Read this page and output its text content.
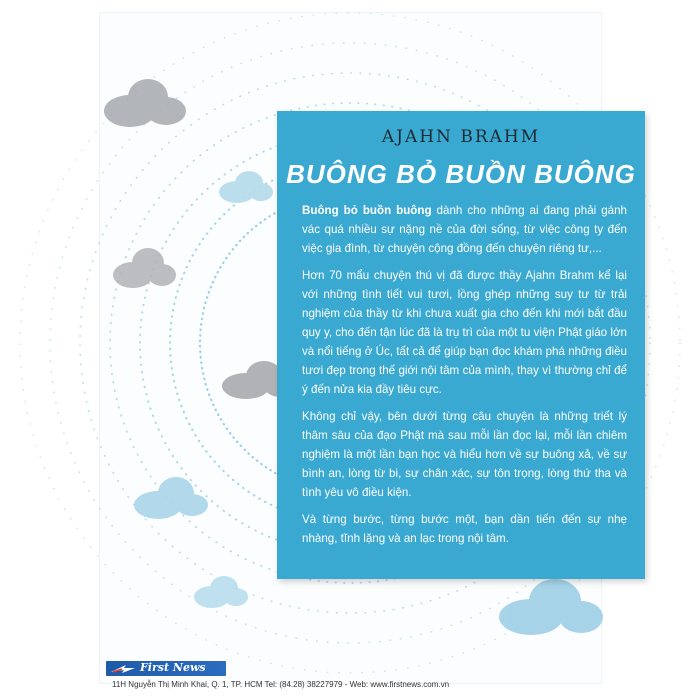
AJAHN BRAHM
BUÔNG BỎ BUỒN BUÔNG

Buông bỏ buồn buông dành cho những ai đang phải gánh vác quá nhiều sự nặng nề của đời sống, từ việc công ty đến việc gia đình, từ chuyện cộng đồng đến chuyện riêng tư,...

Hơn 70 mẩu chuyện thú vị đã được thầy Ajahn Brahm kể lại với những tình tiết vui tươi, lồng ghép những suy tư từ trải nghiệm của thầy từ khi chưa xuất gia cho đến khi mới bắt đầu quy y, cho đến tận lúc đã là trụ trì của một tu viện Phật giáo lớn và nổi tiếng ở Úc, tất cả để giúp bạn đọc khám phá những điều tươi đẹp trong thế giới nội tâm của mình, thay vì thường chỉ để ý đến nửa kia đầy tiêu cực.

Không chỉ vậy, bên dưới từng câu chuyện là những triết lý thâm sâu của đạo Phật mà sau mỗi lần đọc lại, mỗi lần chiêm nghiệm là một lần bạn học và hiểu hơn về sự buông xả, về sự bình an, lòng từ bi, sự chân xác, sự tôn trọng, lòng thứ tha và tình yêu vô điều kiện.

Và từng bước, từng bước một, bạn dần tiến đến sự nhẹ nhàng, tĩnh lặng và an lạc trong nội tâm.

First News
11H Nguyễn Thị Minh Khai, Q. 1, TP. HCM Tel: (84.28) 38227979 - Web: www.firstnews.com.vn
